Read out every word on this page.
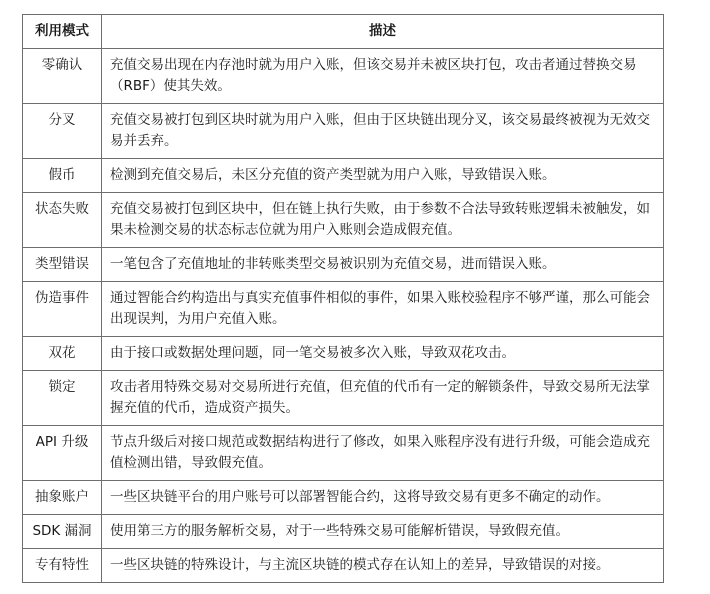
利用模式	描述
零确认	充值交易出现在内存池时就为用户入账，但该交易并未被区块打包，攻击者通过替换交易（RBF）使其失效。
分叉	充值交易被打包到区块时就为用户入账，但由于区块链出现分叉，该交易最终被视为无效交易并丢弃。
假币	检测到充值交易后，未区分充值的资产类型就为用户入账，导致错误入账。
状态失败	充值交易被打包到区块中，但在链上执行失败，由于参数不合法导致转账逻辑未被触发，如果未检测交易的状态标志位就为用户入账则会造成假充值。
类型错误	一笔包含了充值地址的非转账类型交易被识别为充值交易，进而错误入账。
伪造事件	通过智能合约构造出与真实充值事件相似的事件，如果入账校验程序不够严谨，那么可能会出现误判，为用户充值入账。
双花	由于接口或数据处理问题，同一笔交易被多次入账，导致双花攻击。
锁定	攻击者用特殊交易对交易所进行充值，但充值的代币有一定的解锁条件，导致交易所无法掌握充值的代币，造成资产损失。
API 升级	节点升级后对接口规范或数据结构进行了修改，如果入账程序没有进行升级，可能会造成充值检测出错，导致假充值。
抽象账户	一些区块链平台的用户账号可以部署智能合约，这将导致交易有更多不确定的动作。
SDK 漏洞	使用第三方的服务解析交易，对于一些特殊交易可能解析错误，导致假充值。
专有特性	一些区块链的特殊设计，与主流区块链的模式存在认知上的差异，导致错误的对接。
